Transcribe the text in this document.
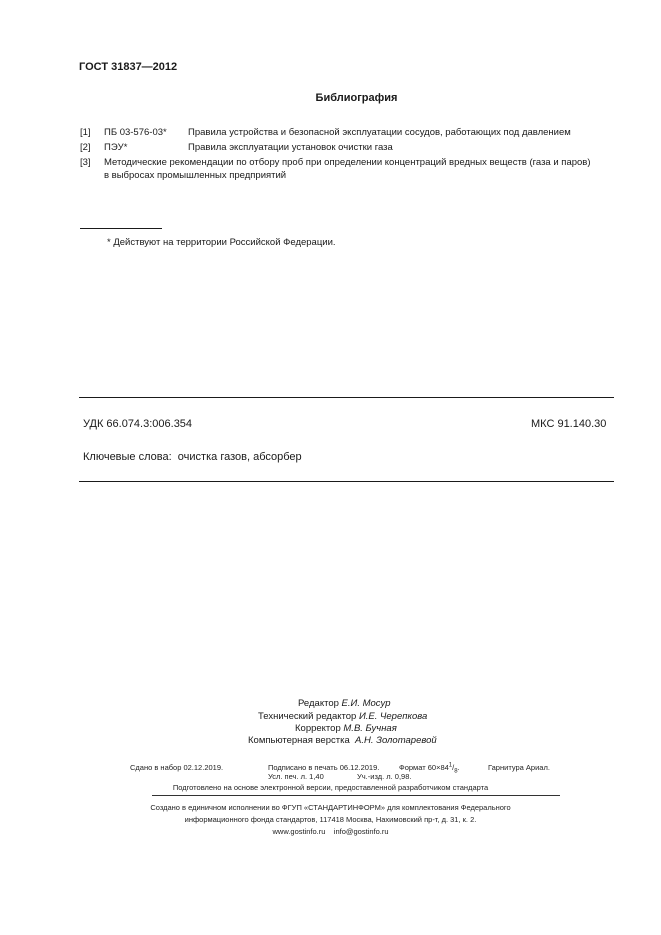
ГОСТ 31837—2012
Библиография
[1] ПБ 03-576-03* Правила устройства и безопасной эксплуатации сосудов, работающих под давлением
[2] ПЭУ*	Правила эксплуатации установок очистки газа
[3] Методические рекомендации по отбору проб при определении концентраций вредных веществ (газа и паров)
в выбросах промышленных предприятий
* Действуют на территории Российской Федерации.
УДК 66.074.3:006.354	МКС 91.140.30
Ключевые слова: очистка газов, абсорбер
Редактор Е.И. Мосур
Технический редактор И.Е. Черепкова
Корректор М.В. Бучная
Компьютерная верстка А.Н. Золотаревой
Сдано в набор 02.12.2019.	Подписано в печать 06.12.2019.	Формат $60\times 84^1/_8$.	Гарнитура Ариал.
Усл. печ. л. 1,40	Уч.-изд. л. 0,98.
Подготовлено на основе электронной версии, предоставленной разработчиком стандарта
Создано в единичном исполнении во ФГУП «СТАНДАРТИНФОРМ» для комплектования Федерального
информационного фонда стандартов, 117418 Москва, Нахимовский пр-т, д. 31, к. 2.
www.gostinfo.ru info@gostinfo.ru
